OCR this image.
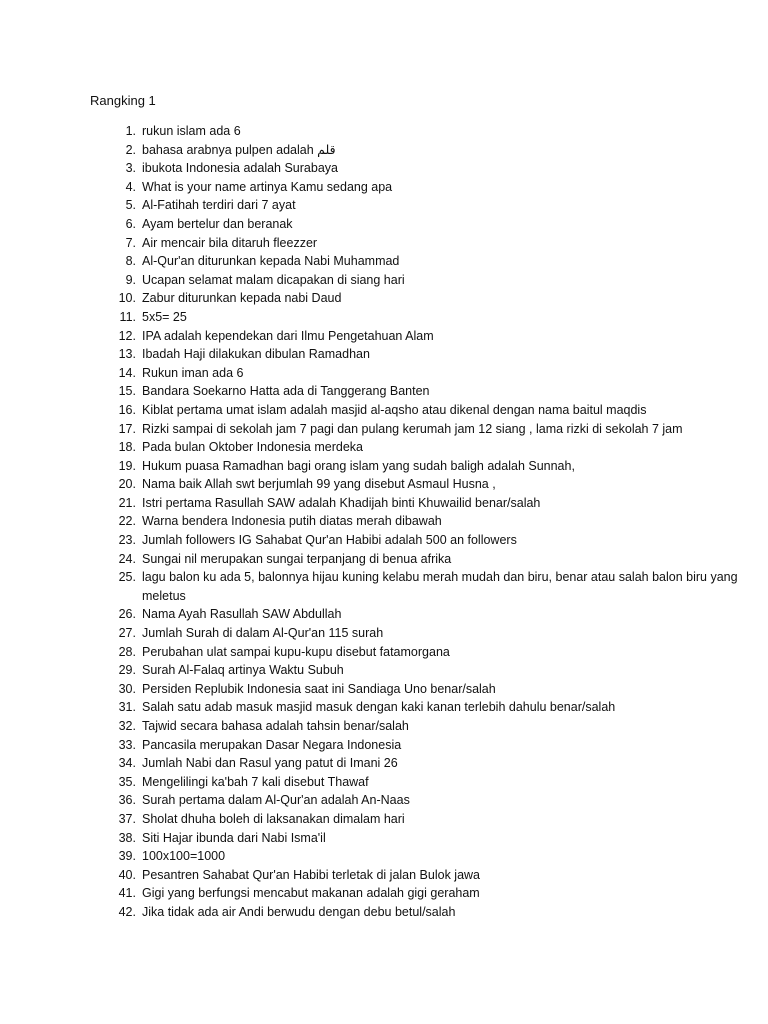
Rangking 1
1. rukun islam ada 6
2. bahasa arabnya pulpen adalah قلم
3. ibukota Indonesia adalah Surabaya
4. What is your name artinya Kamu sedang apa
5. Al-Fatihah terdiri dari 7 ayat
6. Ayam bertelur dan beranak
7. Air mencair bila ditaruh fleezzer
8. Al-Qur'an diturunkan kepada Nabi Muhammad
9. Ucapan selamat malam dicapakan di siang hari
10. Zabur diturunkan kepada nabi Daud
11. 5x5= 25
12. IPA adalah kependekan dari Ilmu Pengetahuan Alam
13. Ibadah Haji dilakukan dibulan Ramadhan
14. Rukun iman ada 6
15. Bandara Soekarno Hatta ada di Tanggerang Banten
16. Kiblat pertama umat islam adalah masjid al-aqsho atau dikenal dengan nama baitul maqdis
17. Rizki sampai di sekolah jam 7 pagi dan pulang kerumah jam 12 siang , lama rizki di sekolah 7 jam
18. Pada bulan Oktober Indonesia merdeka
19. Hukum puasa Ramadhan bagi orang islam yang sudah baligh adalah Sunnah,
20. Nama baik Allah swt berjumlah 99 yang disebut Asmaul Husna ,
21. Istri pertama Rasullah SAW adalah Khadijah binti Khuwailid benar/salah
22. Warna bendera Indonesia putih diatas merah dibawah
23. Jumlah followers IG Sahabat Qur'an Habibi adalah 500 an followers
24. Sungai nil merupakan sungai terpanjang di benua afrika
25. lagu balon ku ada 5, balonnya hijau kuning kelabu merah mudah dan biru, benar atau salah balon biru yang meletus
26. Nama Ayah Rasullah SAW Abdullah
27. Jumlah Surah di dalam Al-Qur'an 115 surah
28. Perubahan ulat sampai kupu-kupu disebut fatamorgana
29. Surah Al-Falaq artinya Waktu Subuh
30. Persiden Replubik Indonesia saat ini Sandiaga Uno benar/salah
31. Salah satu adab masuk masjid masuk dengan kaki kanan terlebih dahulu benar/salah
32. Tajwid secara bahasa adalah tahsin benar/salah
33. Pancasila merupakan Dasar Negara Indonesia
34. Jumlah Nabi dan Rasul yang patut di Imani 26
35. Mengelilingi ka'bah 7 kali disebut Thawaf
36. Surah pertama dalam Al-Qur'an adalah An-Naas
37. Sholat dhuha boleh di laksanakan dimalam hari
38. Siti Hajar ibunda dari Nabi Isma'il
39. 100x100=1000
40. Pesantren Sahabat Qur'an Habibi terletak di jalan Bulok jawa
41. Gigi yang berfungsi mencabut makanan adalah gigi geraham
42. Jika tidak ada air Andi berwudu dengan debu betul/salah
